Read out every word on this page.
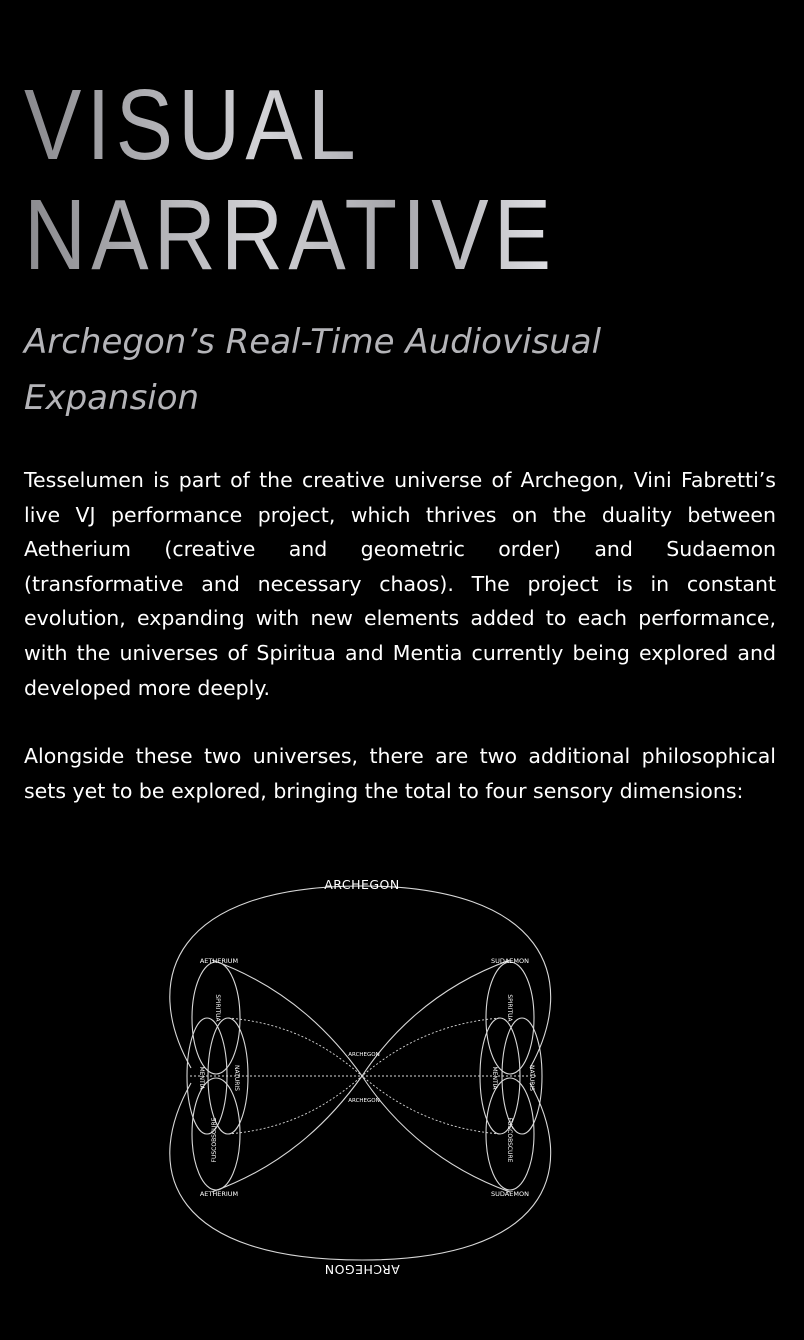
VISUAL
NARRATIVE
Archegon’s Real-Time Audiovisual Expansion

Tesselumen is part of the creative universe of Archegon, Vini Fabretti’s live VJ performance project, which thrives on the duality between Aetherium (creative and geometric order) and Sudaemon (transformative and necessary chaos). The project is in constant evolution, expanding with new elements added to each performance, with the universes of Spiritua and Mentia currently being explored and developed more deeply.

Alongside these two universes, there are two additional philosophical sets yet to be explored, bringing the total to four sensory dimensions:

ARCHEGON
ARCHEGON
ARCHEGON
ARCHEGON
AETHERIUM
AETHERIUM
SUDAEMON
SUDAEMON
SPIRITUA
MENTIA	NATURIS
FUSCOBSCURE
SPIRITUA
MENTIA	NATURIS
FUSCOBSCURE
